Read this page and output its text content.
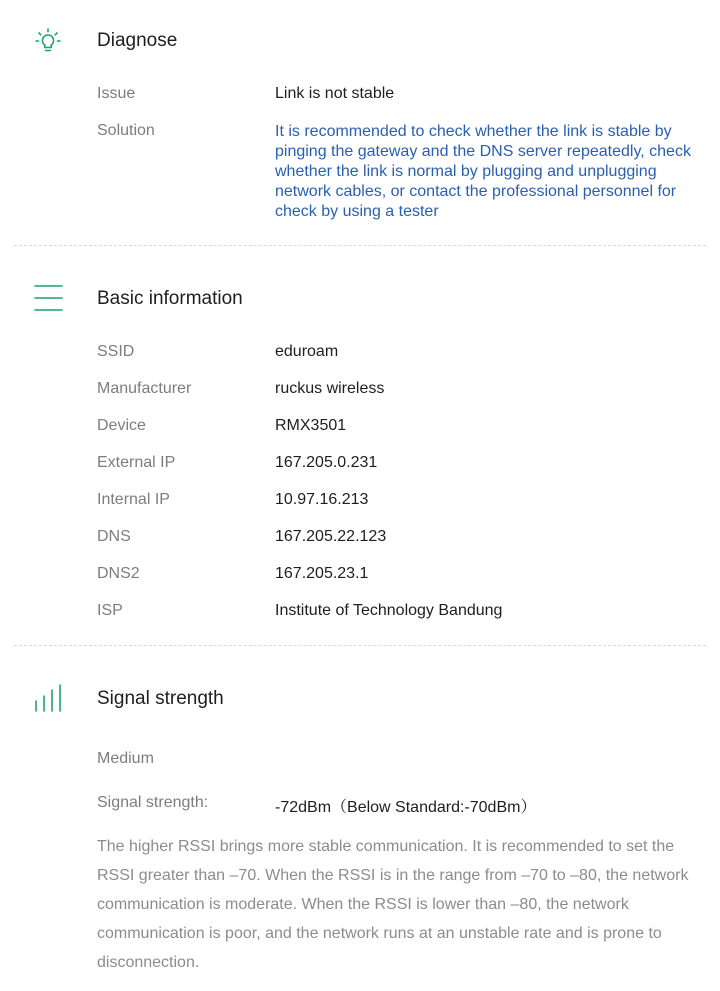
Diagnose
Issue	Link is not stable
Solution	It is recommended to check whether the link is stable by pinging the gateway and the DNS server repeatedly, check whether the link is normal by plugging and unplugging network cables, or contact the professional personnel for check by using a tester
Basic information
SSID	eduroam
Manufacturer	ruckus wireless
Device	RMX3501
External IP	167.205.0.231
Internal IP	10.97.16.213
DNS	167.205.22.123
DNS2	167.205.23.1
ISP	Institute of Technology Bandung
Signal strength
Medium
Signal strength:	-72dBm（Below Standard:-70dBm）
The higher RSSI brings more stable communication. It is recommended to set the RSSI greater than –70. When the RSSI is in the range from –70 to –80, the network communication is moderate. When the RSSI is lower than –80, the network communication is poor, and the network runs at an unstable rate and is prone to disconnection.
